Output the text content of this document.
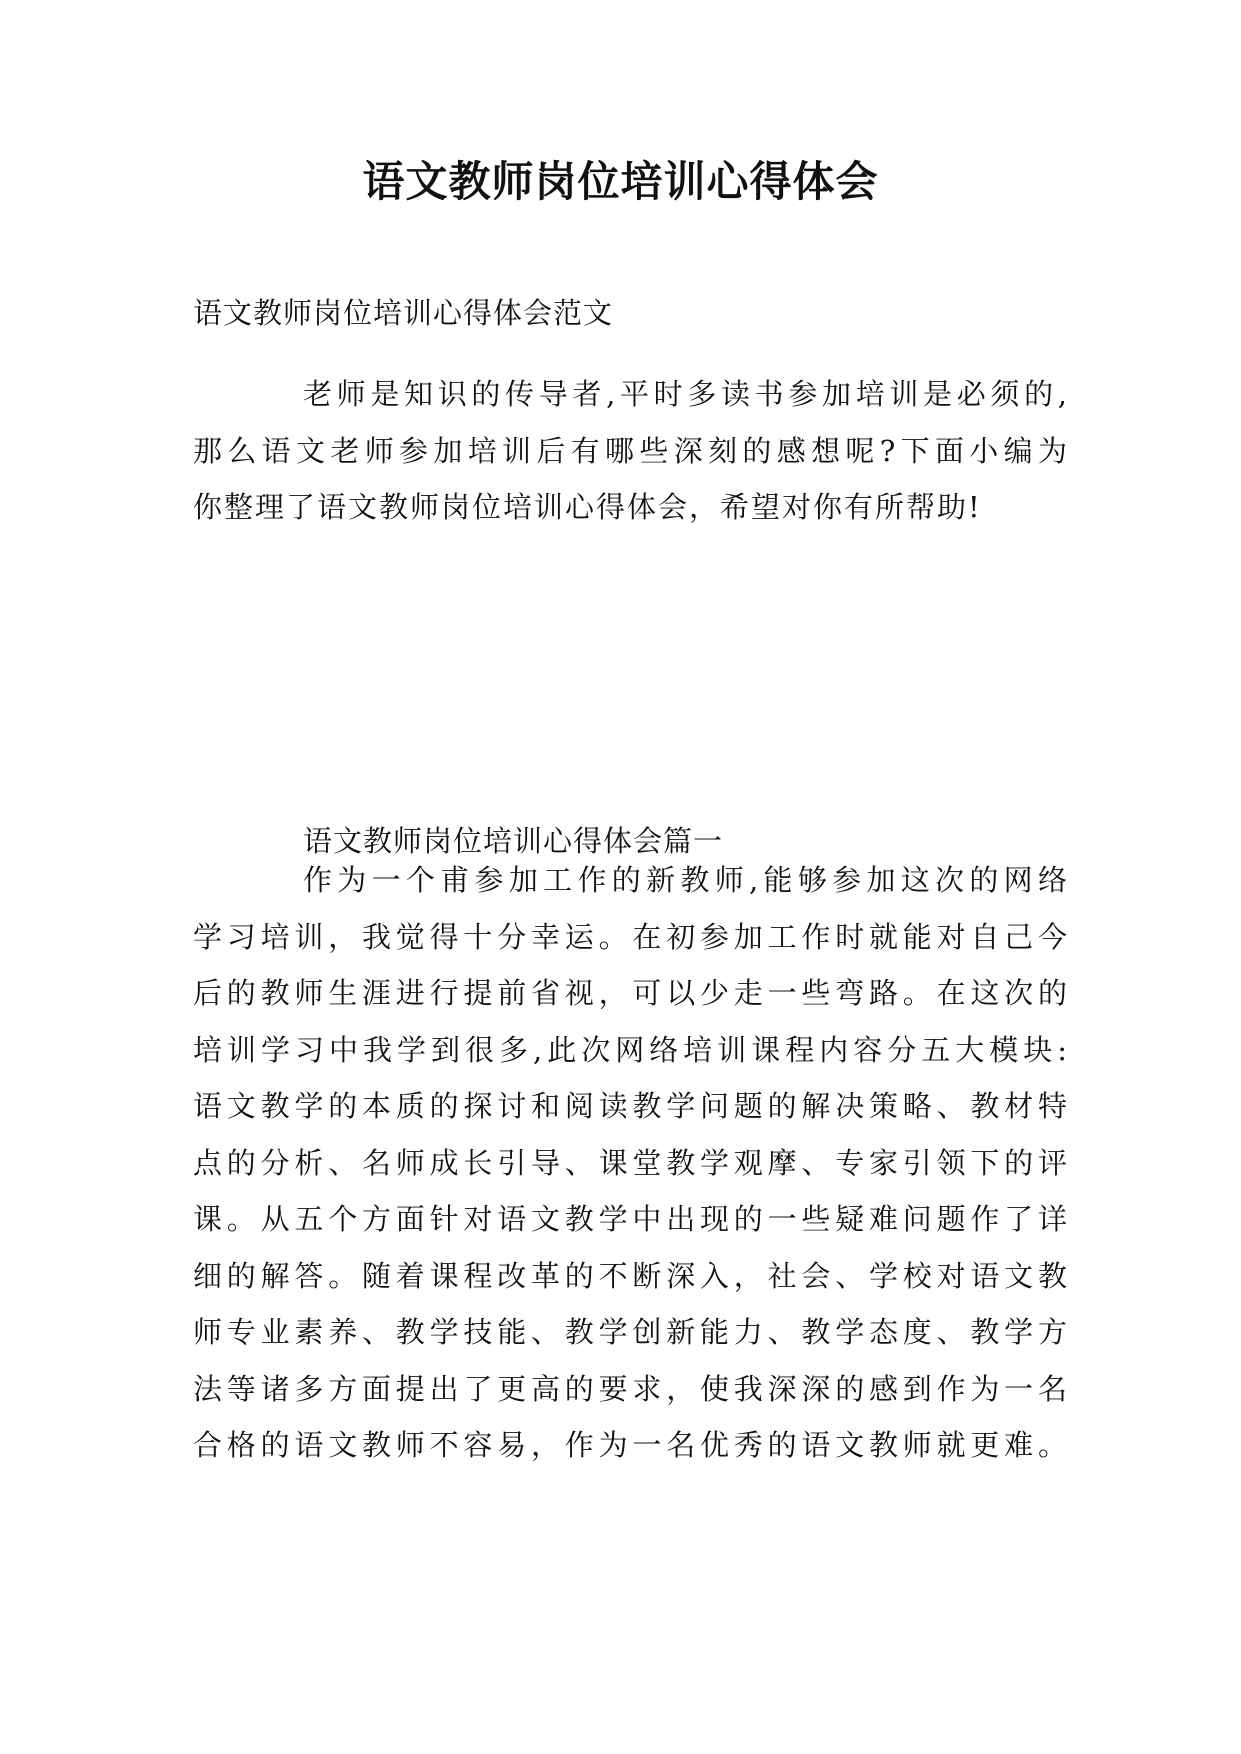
语文教师岗位培训心得体会
语文教师岗位培训心得体会范文
老师是知识的传导者,平时多读书参加培训是必须的,
那么语文老师参加培训后有哪些深刻的感想呢?下面小编为
你整理了语文教师岗位培训心得体会，希望对你有所帮助!
语文教师岗位培训心得体会篇一
作为一个甫参加工作的新教师,能够参加这次的网络
学习培训，我觉得十分幸运。在初参加工作时就能对自己今
后的教师生涯进行提前省视，可以少走一些弯路。在这次的
培训学习中我学到很多,此次网络培训课程内容分五大模块:
语文教学的本质的探讨和阅读教学问题的解决策略、教材特
点的分析、名师成长引导、课堂教学观摩、专家引领下的评
课。从五个方面针对语文教学中出现的一些疑难问题作了详
细的解答。随着课程改革的不断深入，社会、学校对语文教
师专业素养、教学技能、教学创新能力、教学态度、教学方
法等诸多方面提出了更高的要求，使我深深的感到作为一名
合格的语文教师不容易，作为一名优秀的语文教师就更难。
